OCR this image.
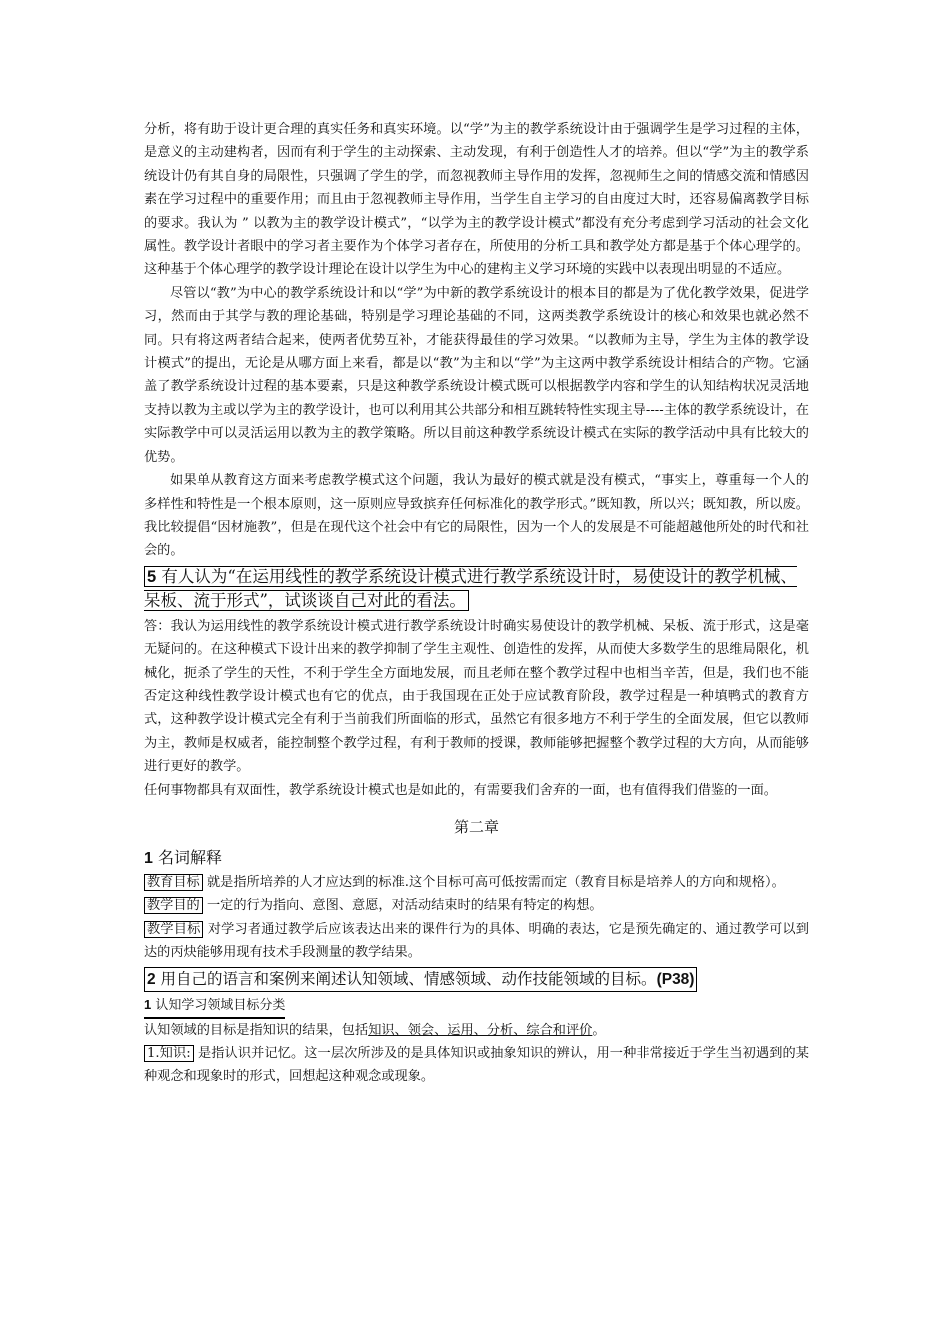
分析，将有助于设计更合理的真实任务和真实环境。以“学”为主的教学系统设计由于强调学生是学习过程的主体，是意义的主动建构者，因而有利于学生的主动探索、主动发现，有利于创造性人才的培养。但以“学”为主的教学系统设计仍有其自身的局限性，只强调了学生的学，而忽视教师主导作用的发挥，忽视师生之间的情感交流和情感因素在学习过程中的重要作用；而且由于忽视教师主导作用，当学生自主学习的自由度过大时，还容易偏离教学目标的要求。我认为 ” 以教为主的教学设计模式”，“以学为主的教学设计模式”都没有充分考虑到学习活动的社会文化属性。教学设计者眼中的学习者主要作为个体学习者存在，所使用的分析工具和教学处方都是基于个体心理学的。这种基于个体心理学的教学设计理论在设计以学生为中心的建构主义学习环境的实践中以表现出明显的不适应。

尽管以“教”为中心的教学系统设计和以“学”为中新的教学系统设计的根本目的都是为了优化教学效果，促进学习，然而由于其学与教的理论基础，特别是学习理论基础的不同，这两类教学系统设计的核心和效果也就必然不同。只有将这两者结合起来，使两者优势互补，才能获得最佳的学习效果。“以教师为主导，学生为主体的教学设计模式”的提出，无论是从哪方面上来看，都是以“教”为主和以“学”为主这两中教学系统设计相结合的产物。它涵盖了教学系统设计过程的基本要素，只是这种教学系统设计模式既可以根据教学内容和学生的认知结构状况灵活地支持以教为主或以学为主的教学设计，也可以利用其公共部分和相互跳转特性实现主导----主体的教学系统设计，在实际教学中可以灵活运用以教为主的教学策略。所以目前这种教学系统设计模式在实际的教学活动中具有比较大的优势。

如果单从教育这方面来考虑教学模式这个问题，我认为最好的模式就是没有模式，“事实上，尊重每一个人的多样性和特性是一个根本原则，这一原则应导致摈弃任何标准化的教学形式。”既知教，所以兴；既知教，所以废。我比较提倡“因材施教”，但是在现代这个社会中有它的局限性，因为一个人的发展是不可能超越他所处的时代和社会的。

5 有人认为“在运用线性的教学系统设计模式进行教学系统设计时，易使设计的教学机械、呆板、流于形式”，试谈谈自己对此的看法。

答：我认为运用线性的教学系统设计模式进行教学系统设计时确实易使设计的教学机械、呆板、流于形式，这是毫无疑问的。在这种模式下设计出来的教学抑制了学生主观性、创造性的发挥，从而使大多数学生的思维局限化，机械化，扼杀了学生的天性，不利于学生全方面地发展，而且老师在整个教学过程中也相当辛苦，但是，我们也不能否定这种线性教学设计模式也有它的优点，由于我国现在正处于应试教育阶段，教学过程是一种填鸭式的教育方式，这种教学设计模式完全有利于当前我们所面临的形式，虽然它有很多地方不利于学生的全面发展，但它以教师为主，教师是权威者，能控制整个教学过程，有利于教师的授课，教师能够把握整个教学过程的大方向，从而能够进行更好的教学。

任何事物都具有双面性，教学系统设计模式也是如此的，有需要我们舍弃的一面，也有值得我们借鉴的一面。

第二章
1 名词解释

教育目标 就是指所培养的人才应达到的标准.这个目标可高可低按需而定（教育目标是培养人的方向和规格）。

教学目的 一定的行为指向、意图、意愿，对活动结束时的结果有特定的构想。

教学目标 对学习者通过教学后应该表达出来的课件行为的具体、明确的表达，它是预先确定的、通过教学可以到达的丙炔能够用现有技术手段测量的教学结果。

2 用自己的语言和案例来阐述认知领域、情感领域、动作技能领域的目标。(P38)
1 认知学习领域目标分类

认知领域的目标是指知识的结果，包括知识、领会、运用、分析、综合和评价。

1.知识: 是指认识并记忆。这一层次所涉及的是具体知识或抽象知识的辨认，用一种非常接近于学生当初遇到的某种观念和现象时的形式，回想起这种观念或现象。
